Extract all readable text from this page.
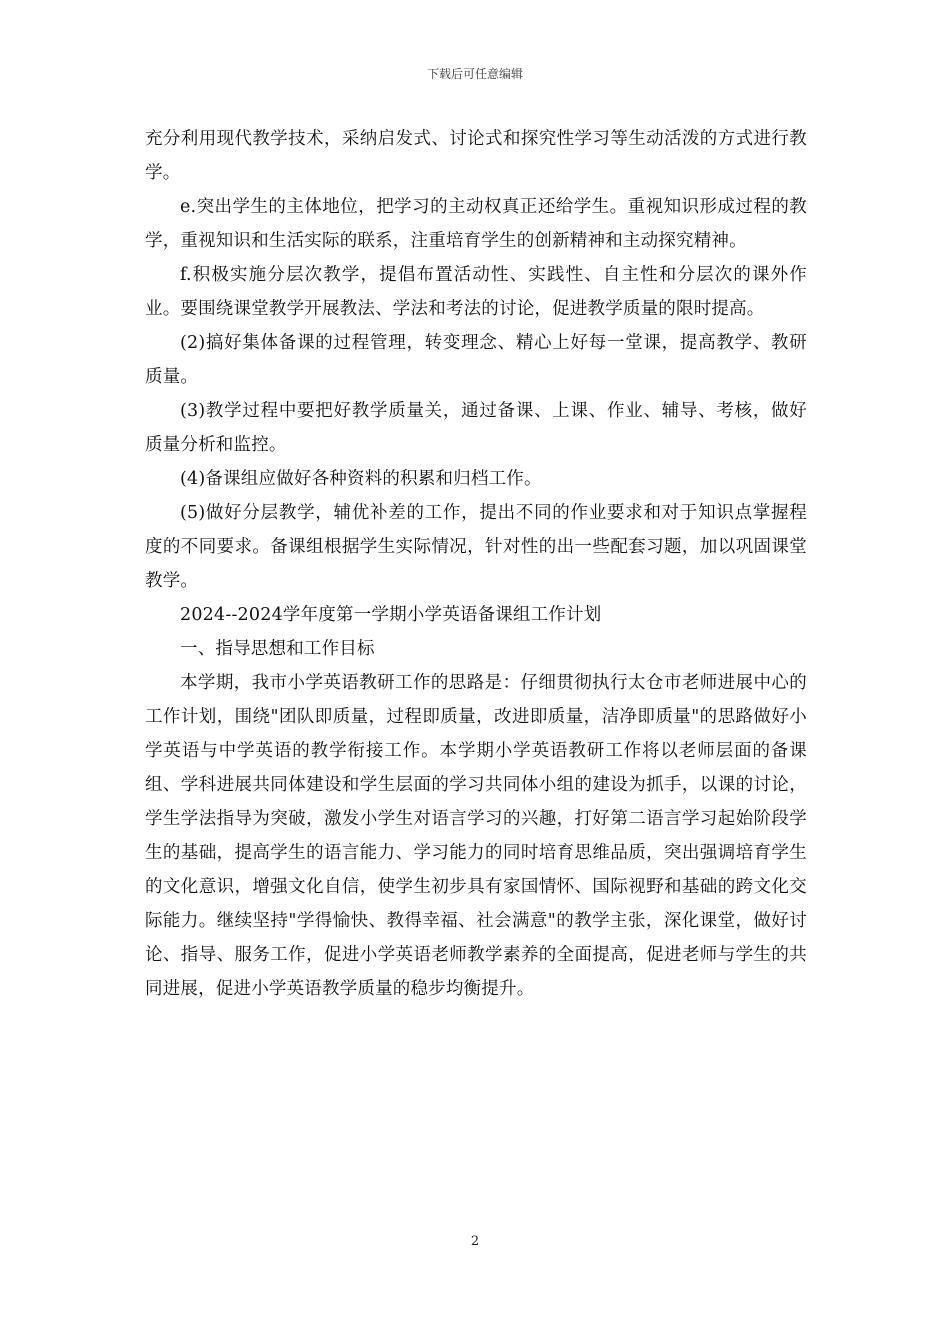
下载后可任意编辑

充分利用现代教学技术，采纳启发式、讨论式和探究性学习等生动活泼的方式进行教学。

e.突出学生的主体地位，把学习的主动权真正还给学生。重视知识形成过程的教学，重视知识和生活实际的联系，注重培育学生的创新精神和主动探究精神。

f.积极实施分层次教学，提倡布置活动性、实践性、自主性和分层次的课外作业。要围绕课堂教学开展教法、学法和考法的讨论，促进教学质量的限时提高。

(2)搞好集体备课的过程管理，转变理念、精心上好每一堂课，提高教学、教研质量。

(3)教学过程中要把好教学质量关，通过备课、上课、作业、辅导、考核，做好质量分析和监控。

(4)备课组应做好各种资料的积累和归档工作。

(5)做好分层教学，辅优补差的工作，提出不同的作业要求和对于知识点掌握程度的不同要求。备课组根据学生实际情况，针对性的出一些配套习题，加以巩固课堂教学。

2024--2024学年度第一学期小学英语备课组工作计划

一、指导思想和工作目标

本学期，我市小学英语教研工作的思路是：仔细贯彻执行太仓市老师进展中心的工作计划，围绕"团队即质量，过程即质量，改进即质量，洁净即质量"的思路做好小学英语与中学英语的教学衔接工作。本学期小学英语教研工作将以老师层面的备课组、学科进展共同体建设和学生层面的学习共同体小组的建设为抓手，以课的讨论，学生学法指导为突破，激发小学生对语言学习的兴趣，打好第二语言学习起始阶段学生的基础，提高学生的语言能力、学习能力的同时培育思维品质，突出强调培育学生的文化意识，增强文化自信，使学生初步具有家国情怀、国际视野和基础的跨文化交际能力。继续坚持"学得愉快、教得幸福、社会满意"的教学主张，深化课堂，做好讨论、指导、服务工作，促进小学英语老师教学素养的全面提高，促进老师与学生的共同进展，促进小学英语教学质量的稳步均衡提升。

2
